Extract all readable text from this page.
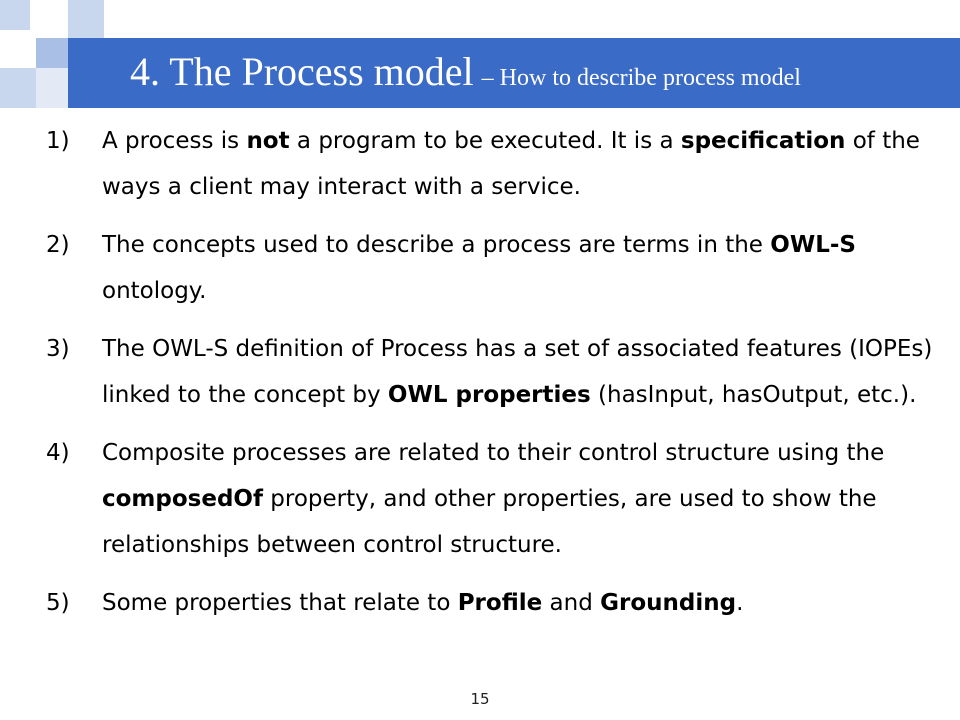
4. The Process model – How to describe process model
1)	A process is not a program to be executed. It is a specification of the ways a client may interact with a service.
2)	The concepts used to describe a process are terms in the OWL-S ontology.
3)	The OWL-S definition of Process has a set of associated features (IOPEs) linked to the concept by OWL properties (hasInput, hasOutput, etc.).
4)	Composite processes are related to their control structure using the composedOf property, and other properties, are used to show the relationships between control structure.
5)	Some properties that relate to Profile and Grounding.
15
